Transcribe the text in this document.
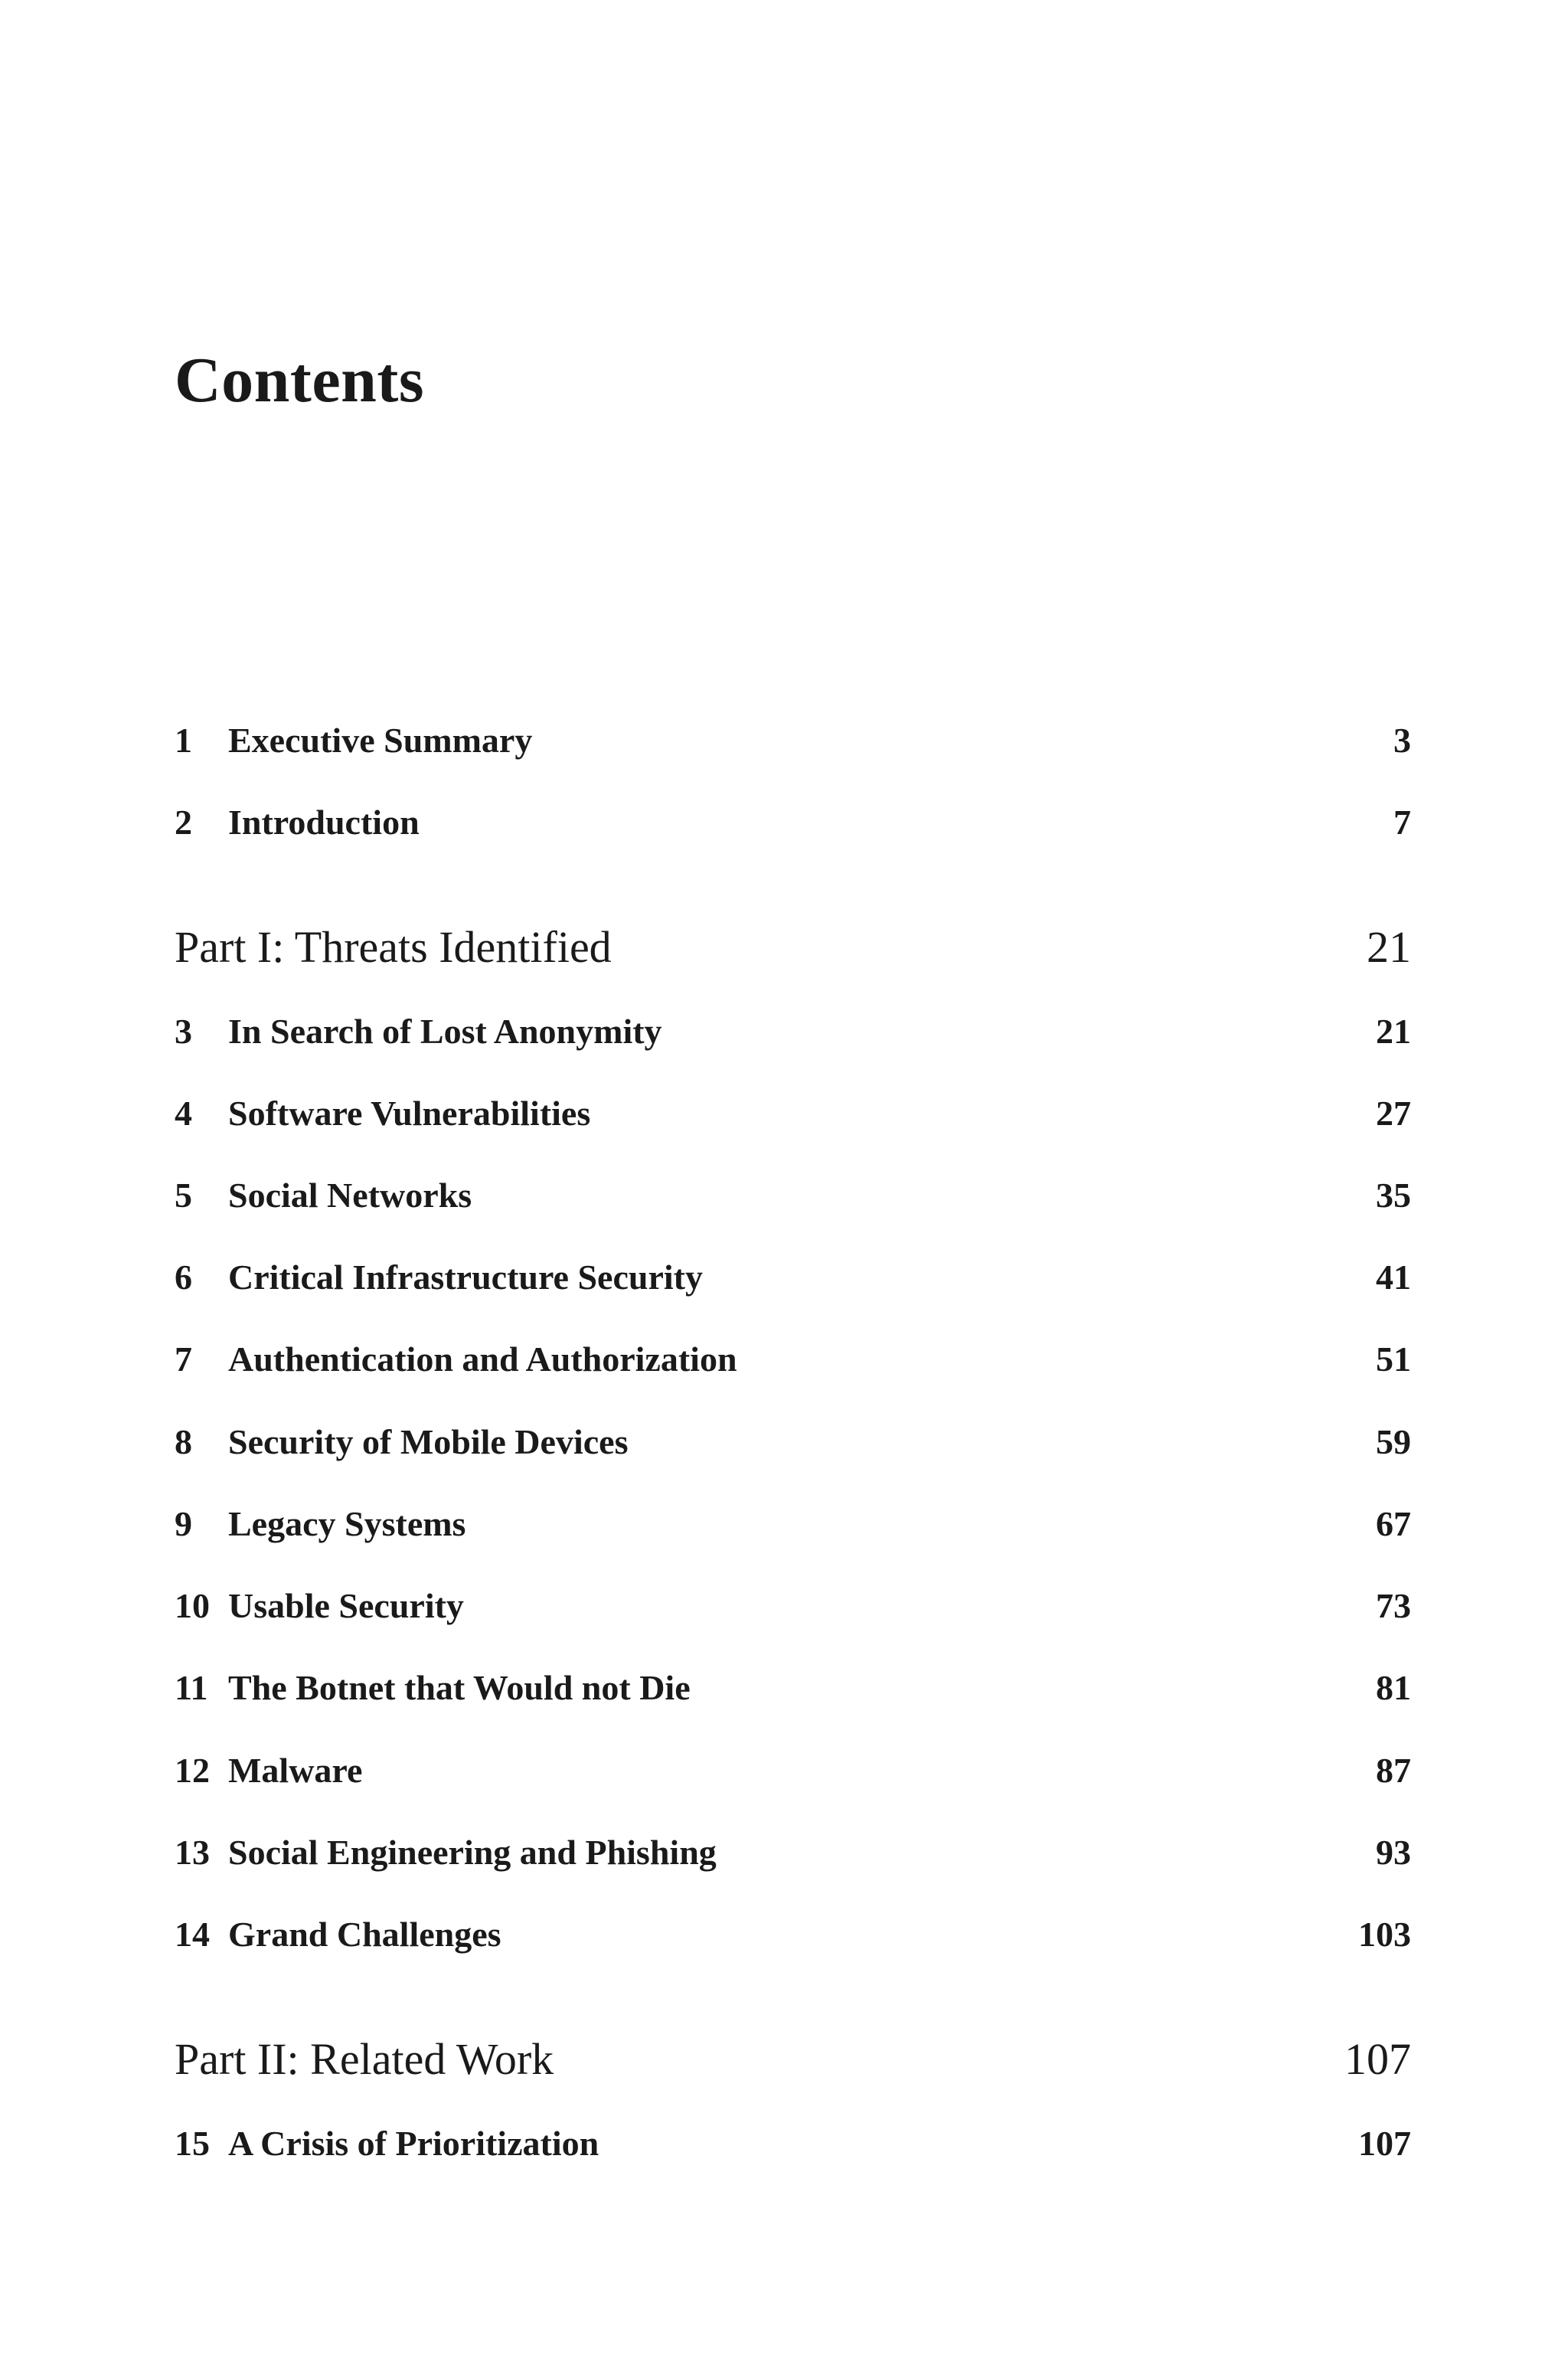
Contents
1	Executive Summary	3
2	Introduction	7
Part I: Threats Identified	21
3	In Search of Lost Anonymity	21
4	Software Vulnerabilities	27
5	Social Networks	35
6	Critical Infrastructure Security	41
7	Authentication and Authorization	51
8	Security of Mobile Devices	59
9	Legacy Systems	67
10 Usable Security	73
11 The Botnet that Would not Die	81
12 Malware	87
13 Social Engineering and Phishing	93
14 Grand Challenges	103
Part II: Related Work	107
15 A Crisis of Prioritization	107
